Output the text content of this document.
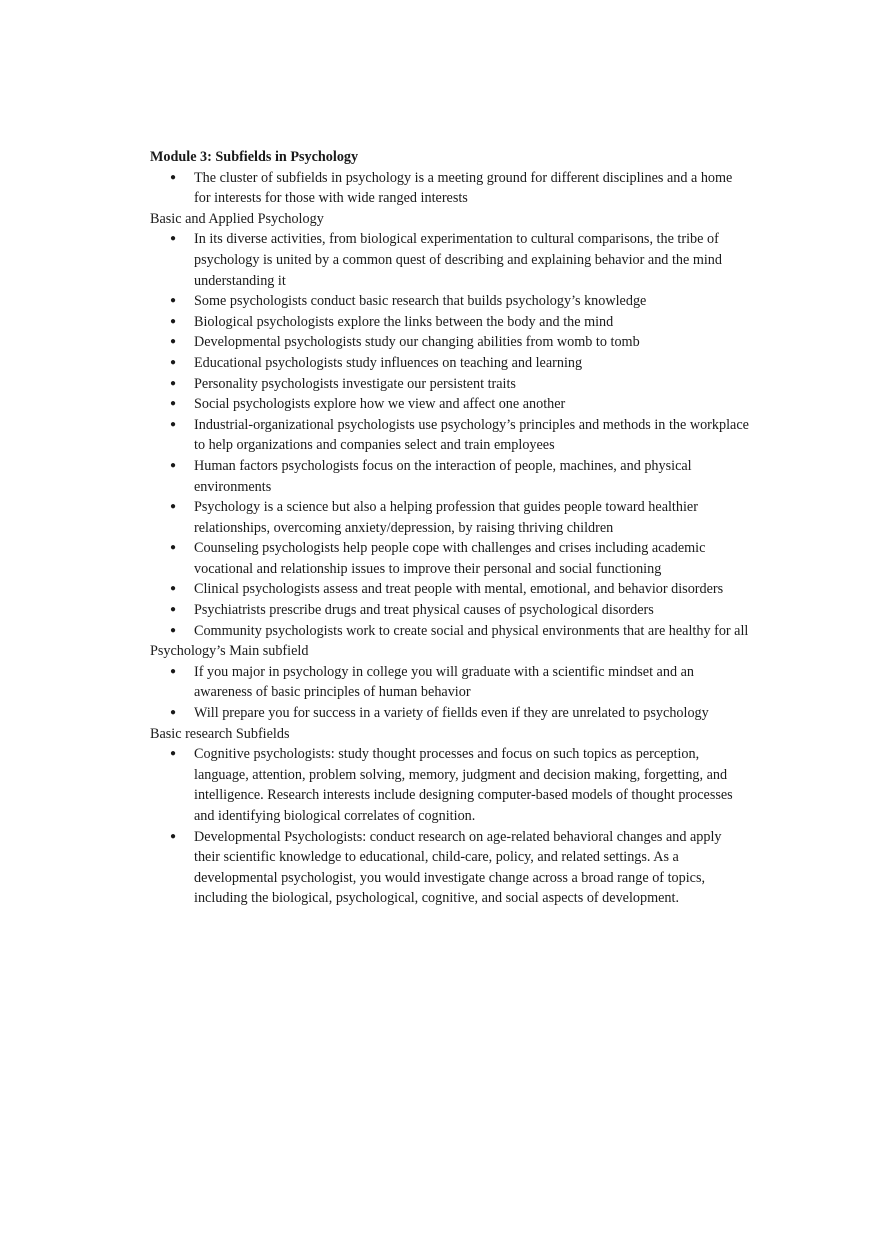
Module 3: Subfields in Psychology

● The cluster of subfields in psychology is a meeting ground for different disciplines and a home for interests for those with wide ranged interests

Basic and Applied Psychology

● In its diverse activities, from biological experimentation to cultural comparisons, the tribe of psychology is united by a common quest of describing and explaining behavior and the mind understanding it
● Some psychologists conduct basic research that builds psychology’s knowledge
● Biological psychologists explore the links between the body and the mind
● Developmental psychologists study our changing abilities from womb to tomb
● Educational psychologists study influences on teaching and learning
● Personality psychologists investigate our persistent traits
● Social psychologists explore how we view and affect one another
● Industrial-organizational psychologists use psychology’s principles and methods in the workplace to help organizations and companies select and train employees
● Human factors psychologists focus on the interaction of people, machines, and physical environments
● Psychology is a science but also a helping profession that guides people toward healthier relationships, overcoming anxiety/depression, by raising thriving children
● Counseling psychologists help people cope with challenges and crises including academic vocational and relationship issues to improve their personal and social functioning
● Clinical psychologists assess and treat people with mental, emotional, and behavior disorders
● Psychiatrists prescribe drugs and treat physical causes of psychological disorders
● Community psychologists work to create social and physical environments that are healthy for all

Psychology’s Main subfield

● If you major in psychology in college you will graduate with a scientific mindset and an awareness of basic principles of human behavior
● Will prepare you for success in a variety of fiellds even if they are unrelated to psychology

Basic research Subfields

● Cognitive psychologists: study thought processes and focus on such topics as perception, language, attention, problem solving, memory, judgment and decision making, forgetting, and intelligence. Research interests include designing computer-based models of thought processes and identifying biological correlates of cognition.
● Developmental Psychologists: conduct research on age-related behavioral changes and apply their scientific knowledge to educational, child-care, policy, and related settings. As a developmental psychologist, you would investigate change across a broad range of topics, including the biological, psychological, cognitive, and social aspects of development.
